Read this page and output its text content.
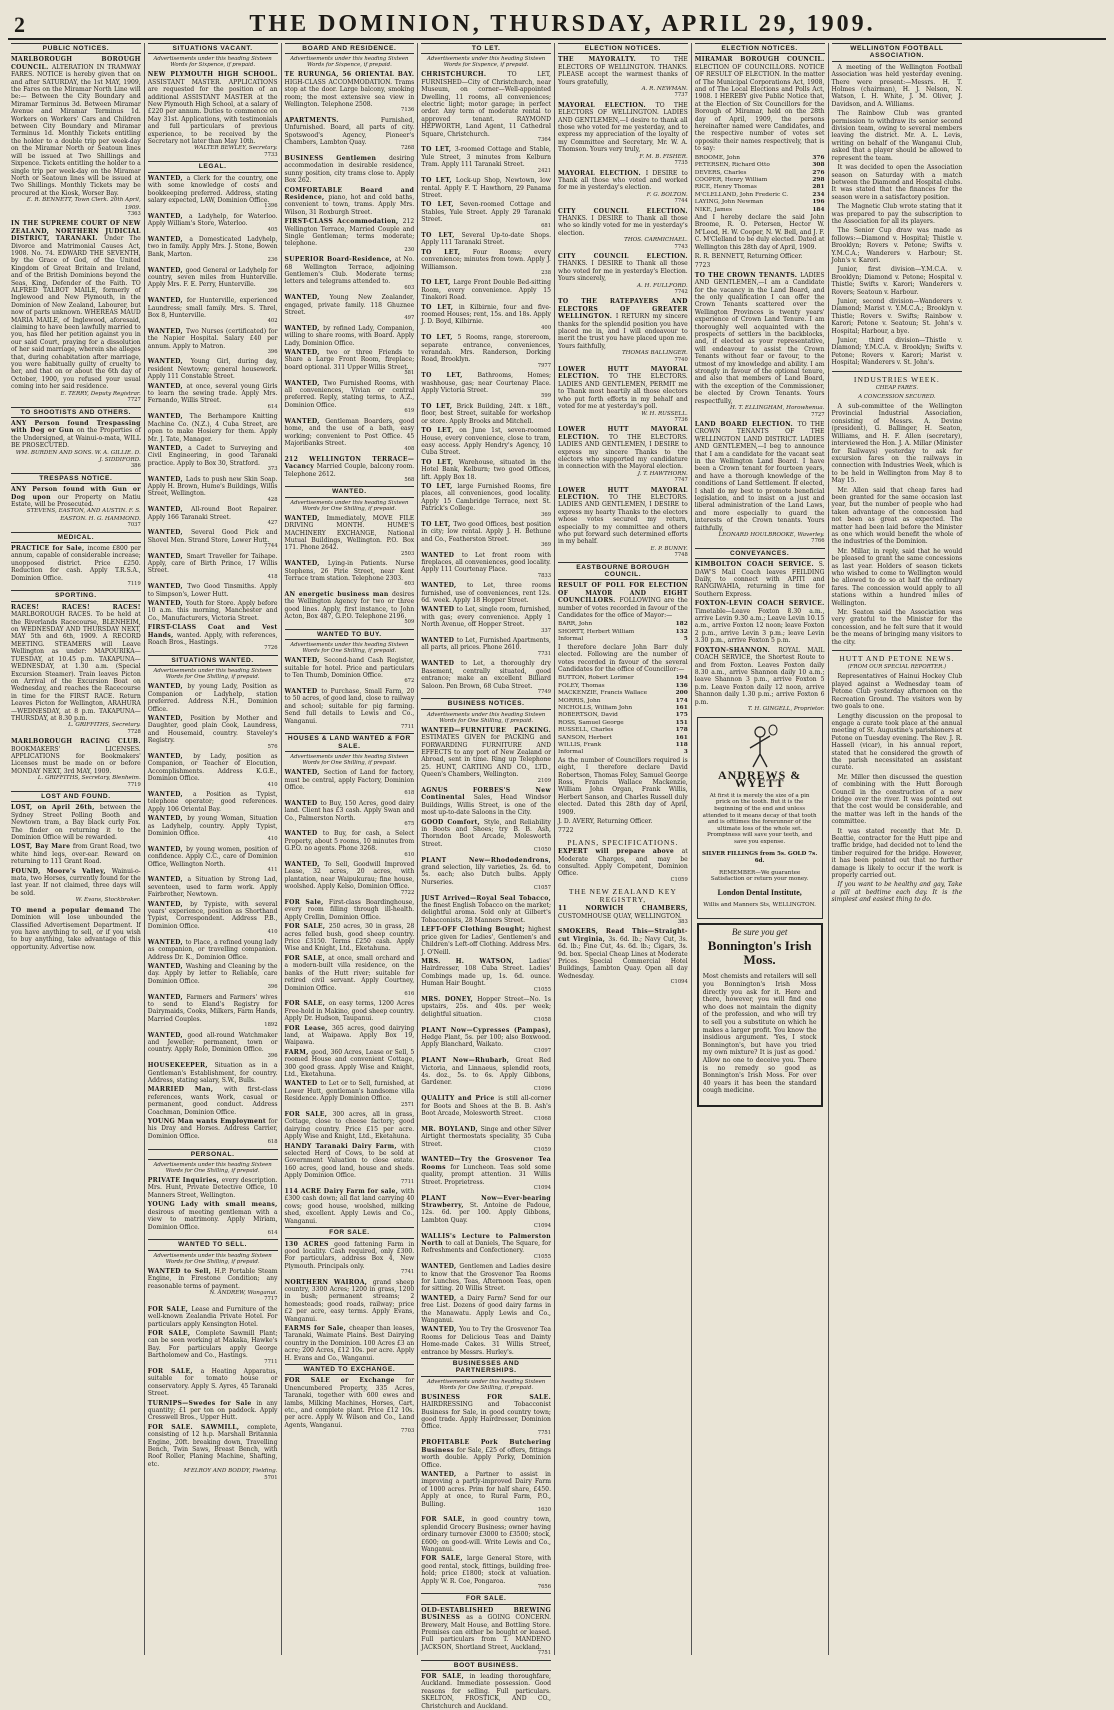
2	THE DOMINION, THURSDAY, APRIL 29, 1909.
PUBLIC NOTICES.

MARLBOROUGH BOROUGH COUNCIL. ALTERATION IN TRAMWAY FARES. NOTICE is hereby given that on and after SATURDAY, the 1st MAY, 1909, the Fares on the Miramar North Line will be:— Between the City Boundary and Miramar Terminus 3d. Between Miramar Avenue and Miramar Terminus 1d. Workers on Workers' Cars and Children between City Boundary and Miramar Terminus 1d. Monthly Tickets entitling the holder to a double trip per week-day on the Miramar North or Seatoun lines will be issued at Two Shillings and Sixpence. Tickets entitling the holder to a single trip per week-day on the Miramar North or Seatoun lines will be issued at Two Shillings. Monthly Tickets may be procured at the Kiosk, Worser Bay.

E. R. BENNETT, Town Clerk. 20th April, 1909.

7363

IN THE SUPREME COURT OF NEW ZEALAND, NORTHERN JUDICIAL DISTRICT, TARANAKI. Under The Divorce and Matrimonial Causes Act, 1908. No. 74. EDWARD THE SEVENTH, by the Grace of God, of the United Kingdom of Great Britain and Ireland, and of the British Dominions beyond the Seas, King, Defender of the Faith. TO ALFRED TALBOT MAILE, formerly of Inglewood and New Plymouth, in the Dominion of New Zealand, Labourer, but now of parts unknown. WHEREAS MAUD MARIA MAILE, of Inglewood, aforesaid, claiming to have been lawfully married to you, has filed her petition against you in our said Court, praying for a dissolution of her said marriage, wherein she alleges that, during cohabitation after marriage, you were habitually guilty of cruelty to her, and that on or about the 6th day of October, 1900, you refused your usual coming into her said residence.

E. TERRY, Deputy Registrar.

7727

TO SHOOTISTS AND OTHERS.

ANY Person found Trespassing with Dog or Gun on the Properties of the Undersigned, at Wainui-o-mata, WILL BE PROSECUTED.

WM. BURDEN AND SONS. W. A. GILLIE. D. J. SIDDIFORD.

386

TRESPASS NOTICE.

ANY Person found with Gun or Dog upon our Property on Matiu Estate, will be Prosecuted.

STEVENS, EASTON, AND AUSTIN. F. S. EASTON. H. G. HAMMOND.

7037

MEDICAL.

PRACTICE for Sale, income £800 per annum, capable of considerable increase; unopposed district. Price £250. Reduction for cash. Apply T.R.S.A., Dominion Office.

7119

SPORTING.

RACES! RACES! RACES! MARLBOROUGH RACES. To be held at the Riverlands Racecourse, BLENHEIM, on WEDNESDAY AND THURSDAY NEXT, MAY 5th and 6th, 1909. A RECORD MEETING. STEAMERS will Leave Wellington as under: MAPOURIKA—TUESDAY, at 10.45 p.m. TAKAPUNA—WEDNESDAY, at 1.30 a.m. (Special Excursion Steamer). Train leaves Picton on Arrival of the Excursion Boat on Wednesday, and reaches the Racecourse in time for the FIRST RACE. Return Leaves Picton for Wellington, ARAHURA—WEDNESDAY, at 8 p.m. TAKAPUNA—THURSDAY, at 8.30 p.m.

L. GRIFFITHS, Secretary.

7728

MARLBOROUGH RACING CLUB. BOOKMAKERS' LICENSES. APPLICATIONS for Bookmakers' Licenses must be made on or before MONDAY NEXT, 3rd MAY, 1909.

L. GRIFFITHS, Secretary, Blenheim.

7719

LOST AND FOUND.

LOST, on April 26th, between the Sydney Street Polling Booth and Newtown tram, a Bay black curly Fox. The finder on returning it to the Dominion Office will be rewarded.

LOST, Bay Mare from Grant Road, two white hind legs, over-ear. Reward on returning to 111 Grant Road.

FOUND, Moore's Valley, Wainui-o-mata, two Horses, currently found for the last year. If not claimed, three days will be sold.

W. Evans, Stockbroker.

TO mend a popular demand The Dominion will lose unbounded the Classified Advertisement Department. If you have anything to sell, or if you wish to buy anything, take advantage of this opportunity. Advertise now.

SITUATIONS VACANT.
Advertisements under this heading Sixteen Words for Sixpence, if prepaid.

NEW PLYMOUTH HIGH SCHOOL. ASSISTANT MASTER. APPLICATIONS are requested for the position of an additional ASSISTANT MASTER at the New Plymouth High School, at a salary of £220 per annum. Duties to commence on May 31st. Applications, with testimonials and full particulars of previous experience, to be received by the Secretary not later than May 10th.

WALTER BEWLEY, Secretary.

7733

LEGAL.

WANTED, a Clerk for the country, one with some knowledge of costs and bookkeeping preferred. Address, stating salary expected, LAW, Dominion Office.

1396

WANTED, a Ladyhelp, for Waterloo. Apply William's Store, Waterloo.

405

WANTED, a Domesticated Ladyhelp, two in family. Apply Mrs. J. Stone, Bowen Bank, Marton.

236

WANTED, good General or Ladyhelp for country, seven miles from Hunterville. Apply Mrs. F. E. Perry, Hunterville.

396

WANTED, for Hunterville, experienced Laundress; small family. Mrs. S. Threl, Box 8, Hunterville.

402

WANTED, Two Nurses (certificated) for the Napier Hospital. Salary £40 per annum. Apply to Matron.

396

WANTED, Young Girl, during day, resident Newtown; general housework. Apply 111 Constable Street.

WANTED, at once, several young Girls to learn the sewing trade. Apply Mrs. Fernando, Willis Street.

614

WANTED, The Berhampore Knitting Machine Co. (N.Z.), 4 Cuba Street, are open to make Hosiery for them. Apply Mr. J. Tate, Manager.

WANTED, a Cadet to Surveying and Civil Engineering, in good Taranaki practice. Apply to Box 30, Stratford.

373

WANTED, Lads to push new Skin Soap. Apply H. Brown, Hume's Buildings, Willis Street, Wellington.

428

WANTED, All-round Boot Repairer. Apply 166 Taranaki Street.

427

WANTED, Several Good Pick and Shovel Men. Strand Store, Lower Hutt.

7744

WANTED, Smart Traveller for Taihape. Apply, care of Birth Prince, 17 Willis Street.

418

WANTED, Two Good Tinsmiths. Apply to Simpson's, Lower Hutt.

WANTED, Youth for Store. Apply before 10 a.m. this morning, Manchester and Co., Manufacturers, Victoria Street.

FIRST-CLASS Coat and Vest Hands, wanted. Apply, with references, Roach Bros., Hastings.

7726

SITUATIONS WANTED.
Advertisements under this heading Sixteen Words for One Shilling, if prepaid.

WANTED, by young Lady, Position as Companion or Ladyhelp, station preferred. Address N.H., Dominion Office.

WANTED, Position by Mother and Daughter, good plain Cook, Laundress, and Housemaid, country. Staveley's Registry.

576

WANTED, by Lady, position as Companion, or Teacher of Elocution, Accomplishments. Address K.G.E., Dominion Office.

410

WANTED, a Position as Typist, telephone operator; good references. Apply 106 Oriental Bay.

WANTED, by young Woman, Situation as Ladyhelp, country. Apply Typist, Dominion Office.

410

WANTED, by young women, position of confidence. Apply C.C., care of Dominion Office, Wellington North.

411

WANTED, a Situation by Strong Lad, seventeen, used to farm work. Apply Fairbrother, Newtown.

WANTED, by Typiste, with several years' experience, position as Shorthand Typist, Correspondent. Address P.B., Dominion Office.

410

WANTED, to Place, a refined young lady as companion, or travelling companion. Address Dr. K., Dominion Office.

WANTED, Washing and Cleaning by the day. Apply by letter to Reliable, care Dominion Office.

396

WANTED, Farmers and Farmers' wives to send to Eland's Registry for Dairymaids, Cooks, Milkers, Farm Hands, Married Couples.

1892

WANTED, good all-round Watchmaker and Jeweller; permanent, town or country. Apply Rolo, Dominion Office.

396

HOUSEKEEPER, Situation as in a Gentleman's Establishment, for country. Address, stating salary, S.W., Bulls.

MARRIED Man, with first-class references, wants Work, casual or permanent, good conduct. Address Coachman, Dominion Office.

YOUNG Man wants Employment for his Dray and Horses. Address Carrier, Dominion Office.

618

PERSONAL.
Advertisements under this heading Sixteen Words for One Shilling, if prepaid.

PRIVATE Inquiries, every description. Mrs. Hunt, Private Detective Office, 10 Manners Street, Wellington.

YOUNG Lady with small means, desirous of meeting gentleman with a view to matrimony. Apply Miriam, Dominion Office.

614

WANTED TO SELL.
Advertisements under this heading Sixteen Words for One Shilling, if prepaid.

WANTED to Sell, H.P. Portable Steam Engine, in Firestone Condition; any reasonable terms of payment.

N. ANDREW, Wanganui.

7717

FOR SALE, Lease and Furniture of the well-known Zealandia Private Hotel. For particulars apply Kensington Hotel.

FOR SALE, Complete Sawmill Plant; can be seen working at Makaka, Hawke's Bay. For particulars apply George Bartholomew and Co., Hastings.

7711

FOR SALE, a Heating Apparatus, suitable for tomato house or conservatory. Apply S. Ayres, 45 Taranaki Street.

TURNIPS—Swedes for Sale in any quantity; £1 per ton on paddock. Apply Cresswell Bros., Upper Hutt.

FOR SALE. SAWMILL, complete, consisting of 12 h.p. Marshall Britannia Engine, 20ft. breaking down, Travelling Bench, Twin Saws, Breast Bench, with Roof Roller, Planing Machine, Shafting, etc.

M'ELROY AND BODDY, Fielding.

5701

BOARD AND RESIDENCE.
Advertisements under this heading Sixteen Words for Sixpence, if prepaid.

TE RURUNGA, 56 ORIENTAL BAY. HIGH-CLASS ACCOMMODATION. Trams stop at the door. Large balcony, smoking room; the most extensive sea view in Wellington. Telephone 2508.

7136

APARTMENTS. Furnished, Unfurnished. Board, all parts of city. Spotswood's Agency, Pioneer's Chambers, Lambton Quay.

7268

BUSINESS Gentlemen desiring accommodation in desirable residence, sunny position, city trams close to. Apply Box 262.

COMFORTABLE Board and Residence, piano, hot and cold baths, convenient to town, trams. Apply Mrs. Wilson, 31 Roxburgh Street.

FIRST-CLASS Accommodation, 212 Wellington Terrace, Married Couple and Single Gentleman; terms moderate; telephone.

230

SUPERIOR Board-Residence, at No. 68 Wellington Terrace, adjoining Gentlemen's Club. Moderate terms; letters and telegrams attended to.

603

WANTED, Young New Zealander, engaged, private family. 118 Ghuznee Street.

497

WANTED, by refined Lady, Companion, willing to share rooms, with Board. Apply Lady, Dominion Office.

WANTED, two or three Friends to Share a Large Front Room, fireplace; board optional. 311 Upper Willis Street.

581

WANTED, Two Furnished Rooms, with all conveniences, Vivian or central preferred. Reply, stating terms, to A.Z., Dominion Office.

619

WANTED, Gentleman Boarders, good home, and the use of a bath, easy working; convenient to Post Office. 45 Majoribanks Street.

408

212 WELLINGTON TERRACE—Vacancy Married Couple, balcony room. Telephone 2612.

568

WANTED.
Advertisements under this heading Sixteen Words for One Shilling, if prepaid.

WANTED, Immediately, MOVE FILE DRIVING MONTH. HUME'S MACHINERY EXCHANGE, National Mutual Buildings, Wellington. P.O. Box 171. Phone 2642.

2503

WANTED, Lying-in Patients. Nurse Stephens, 26 Pirie Street, near Kent Terrace tram station. Telephone 2303.

603

AN energetic business man desires the Wellington Agency for two or three good lines. Apply, first instance, to John Acton, Box 487, G.P.O. Telephone 2196.

509

WANTED TO BUY.
Advertisements under this heading Sixteen Words for One Shilling, if prepaid.

WANTED, Second-hand Cash Register, suitable for hotel. Price and particulars to Ten Thumb, Dominion Office.

672

WANTED to Purchase, Small Farm, 20 to 50 acres, of good land, close to railway and school; suitable for pig farming. Send full details to Lewis and Co., Wanganui.

7711

HOUSES & LAND WANTED & FOR SALE.
Advertisements under this heading Sixteen Words for One Shilling, if prepaid.

WANTED, Section of Land for factory, must be central, apply Factory, Dominion Office.

618

WANTED to Buy, 150 Acres, good dairy land. Client has £3 cash. Apply Swan and Co., Palmerston North.

675

WANTED to Buy, for cash, a Select Property, about 5 rooms, 10 minutes from G.P.O. no agents. Phone 3268.

610

WANTED, To Sell, Goodwill Improved Lease, 32 acres, 20 acres, with plantation, near Waipukurau; fine house, woolshed. Apply Kelso, Dominion Office.

7722

FOR Sale, First-class Boardinghouse, every room filling through ill-health. Apply Crellin, Dominion Office.

FOR SALE, 250 acres, 30 in grass, 28 acres felled bush, good sheep country. Price £3150. Terms £250 cash. Apply Wise and Knight, Ltd., Eketahuna.

FOR SALE, at once, small orchard and a modern-built villa residence, on the banks of the Hutt river; suitable for retired civil servant. Apply Courtney, Dominion Office.

616

FOR SALE, on easy terms, 1200 Acres Free-hold in Makino, good sheep country. Apply Dr. Hudson, Taupanui.

FOR Lease, 365 acres, good dairying land, at Waipawa. Apply Box 19, Waipawa.

FARM, good, 360 Acres, Lease or Sell, 5 roomed House and convenient Cottage, 300 good grass. Apply Wise and Knight, Ltd., Eketahuna.

WANTED to Let or to Sell, furnished, at Lower Hutt, gentleman's handsome villa Residence. Apply Dominion Office.

2571

FOR SALE, 300 acres, all in grass, Cottage, close to cheese factory; good dairying country. Price £15 per acre. Apply Wise and Knight, Ltd., Eketahuna.

HANDY Taranaki Dairy Farm, with selected Herd of Cows, to be sold at Government Valuation to close estate. 160 acres, good land, house and sheds. Apply Dominion Office.

7711

114 ACRE Dairy Farm for sale, with £300 cash down; all flat land carrying 40 cows; good house, woolshed, milking shed, excellent. Apply Lewis and Co., Wanganui.

FOR SALE.

130 ACRES good fattening Farm in good locality. Cash required, only £300. For particulars, address Box 4, New Plymouth. Principals only.

7741

NORTHERN WAIROA, grand sheep country, 3300 Acres; 1200 in grass, 1200 in bush; permanent streams; 2 homesteads; good roads, railway; price £2 per acre, easy terms. Apply Evans, Wanganui.

FARMS for Sale, cheaper than leases, Taranaki, Waimate Plains. Best Dairying country in the Dominion. 100 Acres £3 an acre; 200 Acres, £12 10s. per acre. Apply H. Evans and Co., Wanganui.

WANTED TO EXCHANGE.

FOR SALE or Exchange for Unencumbered Property, 335 Acres, Taranaki, together with 600 ewes and lambs, Milking Machines, Horses, Cart, etc., and complete plant. Price £12 10s. per acre. Apply W. Wilson and Co., Land Agents, Wanganui.

7703

TO LET.
Advertisements under this heading Sixteen Words for Sixpence, if prepaid.

CHRISTCHURCH. TO LET, FURNISHED—City of Christchurch, near Museum, on corner—Well-appointed Dwelling, 11 rooms, all conveniences; electric light; motor garage; in perfect order. Any term of moderate rental to approved tenant. RAYMOND HEPWORTH, Land Agent, 11 Cathedral Square, Christchurch.

7364

TO LET, 3-roomed Cottage and Stable, Yule Street, 3 minutes from Kelburn Tram. Apply 111 Taranaki Street.

2421

TO LET, Lock-up Shop, Newtown, low rental. Apply F. T. Hawthorn, 29 Panama Street.

TO LET, Seven-roomed Cottage and Stables, Yule Street. Apply 29 Taranaki Street.

681

TO LET, Several Up-to-date Shops. Apply 111 Taranaki Street.

TO LET, Four Rooms; every convenience; minutes from town. Apply J. Williamson.

238

TO LET, Large Front Double Bed-sitting Room, every convenience. Apply 15 Tinakori Road.

TO LET, in Kilbirnie, four and five-roomed Houses; rent, 15s. and 18s. Apply J. D. Boyd, Kilbirnie.

400

TO LET, 5 Rooms, range, storeroom, separate entrance, conveniences, verandah. Mrs. Randerson, Dorking Road, Brooklyn.

7977

TO LET, Bathrooms, Homes; washhouse, gas; near Courtenay Place. Apply Victoria Street.

599

TO LET, Brick Building, 24ft. x 18ft., floor, best Street, suitable for workshop or store. Apply Brooks and Mitchell.

TO LET, on June 1st, seven-roomed House, every convenience, close to tram, easy access. Apply Hendry's Agency, 10 Cuba Street.

TO LET, Warehouse, situated in the Hotel Bank, Kelburn; two good Offices, lift. Apply Box 18.

TO LET, large Furnished Rooms, fire places, all conveniences, good locality. Apply 15 Cambridge Terrace, next St. Patrick's College.

369

TO LET, Two good Offices, best position in city; low rental. Apply J. H. Bethune and Co., Featherston Street.

369

WANTED to Let front room with fireplaces, all conveniences, good locality. Apply 111 Courtenay Place.

7833

WANTED, to Let, three rooms furnished, use of conveniences, rent 12s. 6d. week. Apply 18 Hopper Street.

WANTED to Let, single room, furnished, with gas; every convenience. Apply 1 North Avenue, off Hopper Street.

337

WANTED to Let, Furnished Apartments, all parts, all prices. Phone 2610.

7731

WANTED to Let, a thoroughly dry Basement, centrally situated, good entrance; make an excellent Billiard Saloon. Pen Brown, 68 Cuba Street.

7749

BUSINESS NOTICES.
Advertisements under this heading Sixteen Words for One Shilling, if prepaid.

WANTED—FURNITURE PACKING. ESTIMATES GIVEN for PACKING and FORWARDING FURNITURE AND EFFECTS to any port of New Zealand or Abroad, sent in time. Ring up Telephone 25. HUNT, CARTING AND CO., LTD., Queen's Chambers, Wellington.

2109

AGNUS FORBES'S New Continental Sales, Head Windsor Buildings, Willis Street, is one of the most up-to-date Saloons in the City.

GOOD Comfort, Style, and Reliability in Boots and Shoes; try B. B. Ash, Thorndon Boot Arcade, Molesworth Street.

C1050

PLANT New—Rhododendrons, grand selection, lily varieties, 2s. 6d. to 5s. each; also Dutch bulbs. Apply Nurseries.

C1057

JUST Arrived—Royal Seal Tobacco, the finest English Tobacco on the market; delightful aroma. Sold only at Gilbert's Tobacconists, 28 Manners Street.

LEFT-OFF Clothing Bought; highest price given for Ladies', Gentlemen's and Children's Left-off Clothing. Address Mrs. J. O'Neill.

MRS. H. WATSON, Ladies' Hairdresser, 108 Cuba Street. Ladies' Combings made up, 1s. 6d. ounce. Human Hair Bought.

C1055

MRS. DONEY, Hopper Street—No. 1s upstairs, 25s. and 40s. per week; delightful situation.

C1058

PLANT Now—Cypresses (Pampas), Hedge Plant, 5s. per 100; also Boxwood. Apply Blanchard, Waikato.

C1097

PLANT Now—Rhubarb, Great Red Victoria, and Linnaeus, splendid roots, 4s. doz., 5s. to 6s. Apply Gibbons, Gardener.

C1096

QUALITY and Price is still all-corner for Boots and Shoes at the B. B. Ash's Boot Arcade, Molesworth Street.

C1068

MR. BOYLAND, Singe and other Silver Airtight thermostats speciality, 35 Cuba Street.

C1059

WANTED—Try the Grosvenor Tea Rooms for Luncheon. Teas sold some quality, prompt attention. 31 Willis Street. Proprietress.

C1094

PLANT Now—Ever-bearing Strawberry, St. Antoine de Padoue, 12s. 6d. per 100. Apply Gibbons, Lambton Quay.

C1094

WALLIS's Lecture to Palmerston North to call at Daniels, The Square, for Refreshments and Confectionery.

C1055

WANTED, Gentlemen and Ladies desire to know that the Grosvenor Tea Rooms for Lunches, Teas, Afternoon Teas, open for sitting. 20 Willis Street.

WANTED, a Dairy Farm? Send for our free List. Dozens of good dairy farms in the Manawatu. Apply Lewis and Co., Wanganui.

WANTED, You to Try the Grosvenor Tea Rooms for Delicious Teas and Dainty Home-made Cakes. 31 Willis Street, entrance by Messrs. Hurley's.

BUSINESSES AND PARTNERSHIPS.
Advertisements under this heading Sixteen Words for One Shilling, if prepaid.

BUSINESS FOR SALE. HAIRDRESSING and Tobacconist Business for Sale, in good country town; good trade. Apply Hairdresser, Dominion Office.

7751

PROFITABLE Pork Butchering Business for Sale, £25 of offers, fittings worth double. Apply Porky, Dominion Office.

WANTED, a Partner to assist in improving a partly-improved Dairy Farm of 1000 acres. Prim for half share, £450. Apply at once, to Rural Farm, P.O., Bulling.

1630

FOR SALE, in good country town, splendid Grocery Business; owner having ordinary turnover £3000 to £3500; stock, £600; on good-will. Write Lewis and Co., Wanganui.

FOR SALE, large General Store, with good rental, stock, fittings, building free-hold; price £1800; stock at valuation. Apply W. R. Coe, Pongaroa.

7656

FOR SALE.

OLD-ESTABLISHED BREWING BUSINESS as a GOING CONCERN. Brewery, Malt House, and Bottling Store. Premises can either be bought or leased. Full particulars from T. MANDENO JACKSON, Shortland Street, Auckland.

7751

BOOT BUSINESS.

FOR SALE, in leading thoroughfare, Auckland. Immediate possession. Good reasons for selling. Full particulars. SKELTON, FROSTICK, AND CO., Christchurch and Auckland.

ELECTION NOTICES.

THE MAYORALTY. TO THE ELECTORS OF WELLINGTON. THANKS. PLEASE accept the warmest thanks of Yours gratefully,

A. R. NEWMAN.

7737

MAYORAL ELECTION. TO THE ELECTORS OF WELLINGTON. LADIES AND GENTLEMEN,—I desire to thank all those who voted for me yesterday, and to express my appreciation of the loyalty of my Committee and Secretary, Mr. W. A. Thomson. Yours very truly,

F. M. B. FISHER.

7735

MAYORAL ELECTION. I DESIRE to Thank all those who voted and worked for me in yesterday's election.

F. G. BOLTON.

7744

CITY COUNCIL ELECTION. THANKS. I DESIRE to Thank all those who so kindly voted for me in yesterday's election.

THOS. CARMICHAEL.

7743

CITY COUNCIL ELECTION. THANKS. I DESIRE to Thank all those who voted for me in yesterday's Election. Yours sincerely,

A. H. FULLFORD.

7742

TO THE RATEPAYERS AND ELECTORS OF GREATER WELLINGTON. I RETURN my sincere thanks for the splendid position you have placed me in, and I will endeavour to merit the trust you have placed upon me. Yours faithfully,

THOMAS BALLINGER.

7740

LOWER HUTT MAYORAL ELECTION. TO THE ELECTORS. LADIES AND GENTLEMEN, PERMIT me to Thank most heartily all those electors who put forth efforts in my behalf and voted for me at yesterday's poll.

W. H. RUSSELL.

7736

LOWER HUTT MAYORAL ELECTION. TO THE ELECTORS. LADIES AND GENTLEMEN, I DESIRE to express my sincere Thanks to the electors who supported my candidature in connection with the Mayoral election.

J. T. HAWTHORN.

7747

LOWER HUTT MAYORAL ELECTION. TO THE ELECTORS. LADIES AND GENTLEMEN, I DESIRE to express my hearty Thanks to the electors whose votes secured my return, especially to my committee and others who put forward such determined efforts in my behalf.

E. P. BUNNY.

7748

EASTBOURNE BOROUGH COUNCIL.

RESULT OF POLL FOR ELECTION OF MAYOR AND EIGHT COUNCILLORS. FOLLOWING are the number of votes recorded in favour of the Candidates for the office of Mayor:—

BARR, John	182
SHORTT, Herbert William	132
Informal	5

I therefore declare John Barr duly elected. Following are the number of votes recorded in favour of the several Candidates for the office of Councillor:—

BUTTON, Robert Lorimer	194
FOLEY, Thomas	136
MACKENZIE, Francis Wallace	200
MORRIS, John	174
NICHOLLS, William John	161
ROBERTSON, David	175
ROSS, Samuel George	151
RUSSELL, Charles	178
SANSON, Herbert	161
WILLIS, Frank	118
Informal	3

As the number of Councillors required is eight, I therefore declare David Robertson, Thomas Foley, Samuel George Ross, Francis Wallace Mackenzie, William John Organ, Frank Willis, Herbert Sanson, and Charles Russell duly elected. Dated this 28th day of April, 1909.

J. D. AVERY, Returning Officer.

7722

PLANS, SPECIFICATIONS.

EXPERT will prepare above at Moderate Charges, and may be consulted. Apply Competent, Dominion Office.

C1059

THE NEW ZEALAND KEY REGISTRY,

11 NORWICH CHAMBERS, CUSTOMHOUSE QUAY, WELLINGTON.

383

SMOKERS, Read This—Straight-cut Virginia, 3s. 6d. lb.; Navy Cut, 3s. 6d. lb.; Fine Cut, 4s. 6d. lb.; Cigars, 3s. 9d. box. Special Cheap Lines at Moderate Prices. Special Commercial Hotel Buildings, Lambton Quay. Open all day Wednesday.

C1094

ELECTION NOTICES.

MIRAMAR BOROUGH COUNCIL. ELECTION OF COUNCILLORS. NOTICE OF RESULT OF ELECTION. In the matter of The Municipal Corporations Act, 1908, and of The Local Elections and Polls Act, 1908. I HEREBY give Public Notice that, at the Election of Six Councillors for the Borough of Miramar, held on the 28th day of April, 1909, the persons hereinafter named were Candidates, and the respective number of votes set opposite their names respectively, that is to say:

BROOME, John	376
PETERSEN, Richard Otto	308
DEVERS, Charles	276
COOPER, Henry William	298
RICE, Henry Thomas	281
M'CLELLAND, John Frederic C.	234
LAYING, John Newman	196
NIKE, James	184

And I hereby declare the said John Broome, R. O. Petersen, Hector W. M'Leod, H. W. Cooper, N. W. Bell, and J. F. C. M'Clelland to be duly elected. Dated at Wellington this 28th day of April, 1909.

R. R. BENNETT, Returning Officer.

7723

TO THE CROWN TENANTS. LADIES AND GENTLEMEN,—I am a Candidate for the vacancy in the Land Board, and the only qualification I can offer the Crown Tenants scattered over the Wellington Provinces is twenty years' experience of Crown Land Tenure. I am thoroughly well acquainted with the prospects of settlers in the backblocks, and, if elected as your representative, will endeavour to assist the Crown Tenants without fear or favour, to the utmost of my knowledge and ability. I am strongly in favour of the optional tenure, and also that members of Land Board, with the exception of the Commissioner, be elected by Crown Tenants. Yours respectfully,

H. T. ELLINGHAM, Horowhenua.

7727

LAND BOARD ELECTION. TO THE CROWN TENANTS OF THE WELLINGTON LAND DISTRICT. LADIES AND GENTLEMEN,—I beg to announce that I am a candidate for the vacant seat in the Wellington Land Board. I have been a Crown tenant for fourteen years, and have a thorough knowledge of the conditions of Land Settlement. If elected, I shall do my best to promote beneficial legislation, and to insist on a just and liberal administration of the Land Laws, and more especially to guard the interests of the Crown tenants. Yours faithfully,

LEONARD HOULBROOKE, Waverley.

7766

CONVEYANCES.

KIMBOLTON COACH SERVICE. S. DAW'S Mail Coach leaves FEILDING Daily, to connect with APITI and RANGIWAHIA, returning in time for Southern Express.

FOXTON-LEVIN COACH SERVICE. Timetable—Leave Foxton 8.30 a.m., arrive Levin 9.30 a.m.; Leave Levin 10.15 a.m., arrive Foxton 12 noon; leave Foxton 2 p.m., arrive Levin 3 p.m.; leave Levin 3.30 p.m., arrive Foxton 5 p.m.

FOXTON-SHANNON. ROYAL MAIL COACH SERVICE, the Shortest Route to and from Foxton. Leaves Foxton daily 8.30 a.m., arrive Shannon daily 10 a.m.; leave Shannon 3 p.m., arrive Foxton 5 p.m. Leave Foxton daily 12 noon, arrive Shannon daily 1.30 p.m.; arrive Foxton 6 p.m.

T. H. GINGELL, Proprietor.

ANDREWS & WYETT

At first it is merely the size of a pin prick on the tooth. But it is the beginning of the end and unless attended to it means decay of that tooth and is ofttimes the forerunner of the ultimate loss of the whole set. Promptness will save your teeth, and save you expense.

SILVER FILLINGS from 5s. GOLD 7s. 6d.

REMEMBER—We guarantee Satisfaction or return your money.

London Dental Institute,

Willis and Manners Sts, WELLINGTON.

Be sure you get
Bonnington's Irish Moss.

Most chemists and retailers will sell you Bonnington's Irish Moss directly you ask for it. Here and there, however, you will find one who does not maintain the dignity of the profession, and who will try to sell you a substitute on which he makes a larger profit. You know the insidious argument. 'Yes, I stock Bonnington's, but have you tried my own mixture? It is just as good.' Allow no one to deceive you. There is no remedy so good as Bonnington's Irish Moss. For over 40 years it has been the standard cough medicine.

WELLINGTON FOOTBALL ASSOCIATION.

A meeting of the Wellington Football Association was held yesterday evening. There were present:—Messrs. H. T. Holmes (chairman), H. J. Nelson, N. Watson, I. H. White, J. M. Oliver, J. Davidson, and A. Williams.

The Rainbow Club was granted permission to withdraw its senior second division team, owing to several members leaving the district. Mr. A. L. Levis, writing on behalf of the Wanganui Club, asked that a player should be allowed to represent the team.

It was decided to open the Association season on Saturday with a match between the Diamond and Hospital clubs. It was stated that the finances for the season were in a satisfactory position.

The Magnetic Club wrote stating that it was prepared to pay the subscription to the Association for all its players.

The Senior Cup draw was made as follows:—Diamond v. Hospital; Thistle v. Brooklyn; Rovers v. Petone; Swifts v. Y.M.C.A.; Wanderers v. Harbour; St. John's v. Karori.

Junior, first division—Y.M.C.A. v. Brooklyn; Diamond v. Petone; Hospital v. Thistle; Swifts v. Karori; Wanderers v. Rovers; Seatoun v. Harbour.

Junior, second division—Wanderers v. Diamond; Marist v. Y.M.C.A.; Brooklyn v. Thistle; Rovers v. Swifts; Rainbow v. Karori; Petone v. Seatoun; St. John's v. Hospital; Harbour, a bye.

Junior, third division—Thistle v. Diamond; Y.M.C.A. v. Brooklyn; Swifts v. Petone; Rovers v. Karori; Marist v. Hospital; Wanderers v. St. John's.

INDUSTRIES WEEK.
CHEAP FARES.
A CONCESSION SECURED.

A sub-committee of the Wellington Provincial Industrial Association, consisting of Messrs. A. Devine (president), G. Ballinger, H. Seaton, Williams, and H. F. Allen (secretary), interviewed the Hon. J. A. Millar (Minister for Railways) yesterday to ask for excursion fares on the railways in connection with Industries Week, which is to be held in Wellington from May 8 to May 15.

Mr. Allen said that cheap fares had been granted for the same occasion last year, but the number of people who had taken advantage of the concession had not been as great as expected. The matter had been laid before the Minister as one which would benefit the whole of the industries of the Dominion.

Mr. Millar, in reply, said that he would be pleased to grant the same concessions as last year. Holders of season tickets who wished to come to Wellington would be allowed to do so at half the ordinary fares. The concession would apply to all stations within a hundred miles of Wellington.

Mr. Seaton said the Association was very grateful to the Minister for the concession, and he felt sure that it would be the means of bringing many visitors to the city.

HUTT AND PETONE NEWS.
(FROM OUR SPECIAL REPORTER.)

Representatives of Hainui Hockey Club played against a Wednesday team of Petone Club yesterday afternoon on the Recreation Ground. The visitors won by two goals to one.

Lengthy discussion on the proposal to engage a curate took place at the annual meeting of St. Augustine's parishioners at Petone on Tuesday evening. The Rev. J. R. Hassell (vicar), in his annual report, stated that he considered the growth of the parish necessitated an assistant curate.

Mr. Miller then discussed the question of combining with the Hutt Borough Council in the construction of a new bridge over the river. It was pointed out that the cost would be considerable, and the matter was left in the hands of the committee.

It was stated recently that Mr. D. Beattie, contractor for the Hutt pipe and traffic bridge, had decided not to lend the timber required for the bridge. However, it has been pointed out that no further damage is likely to occur if the work is properly carried out.

If you want to be healthy and gay, Take a pill at bedtime each day. It is the simplest and easiest thing to do.
